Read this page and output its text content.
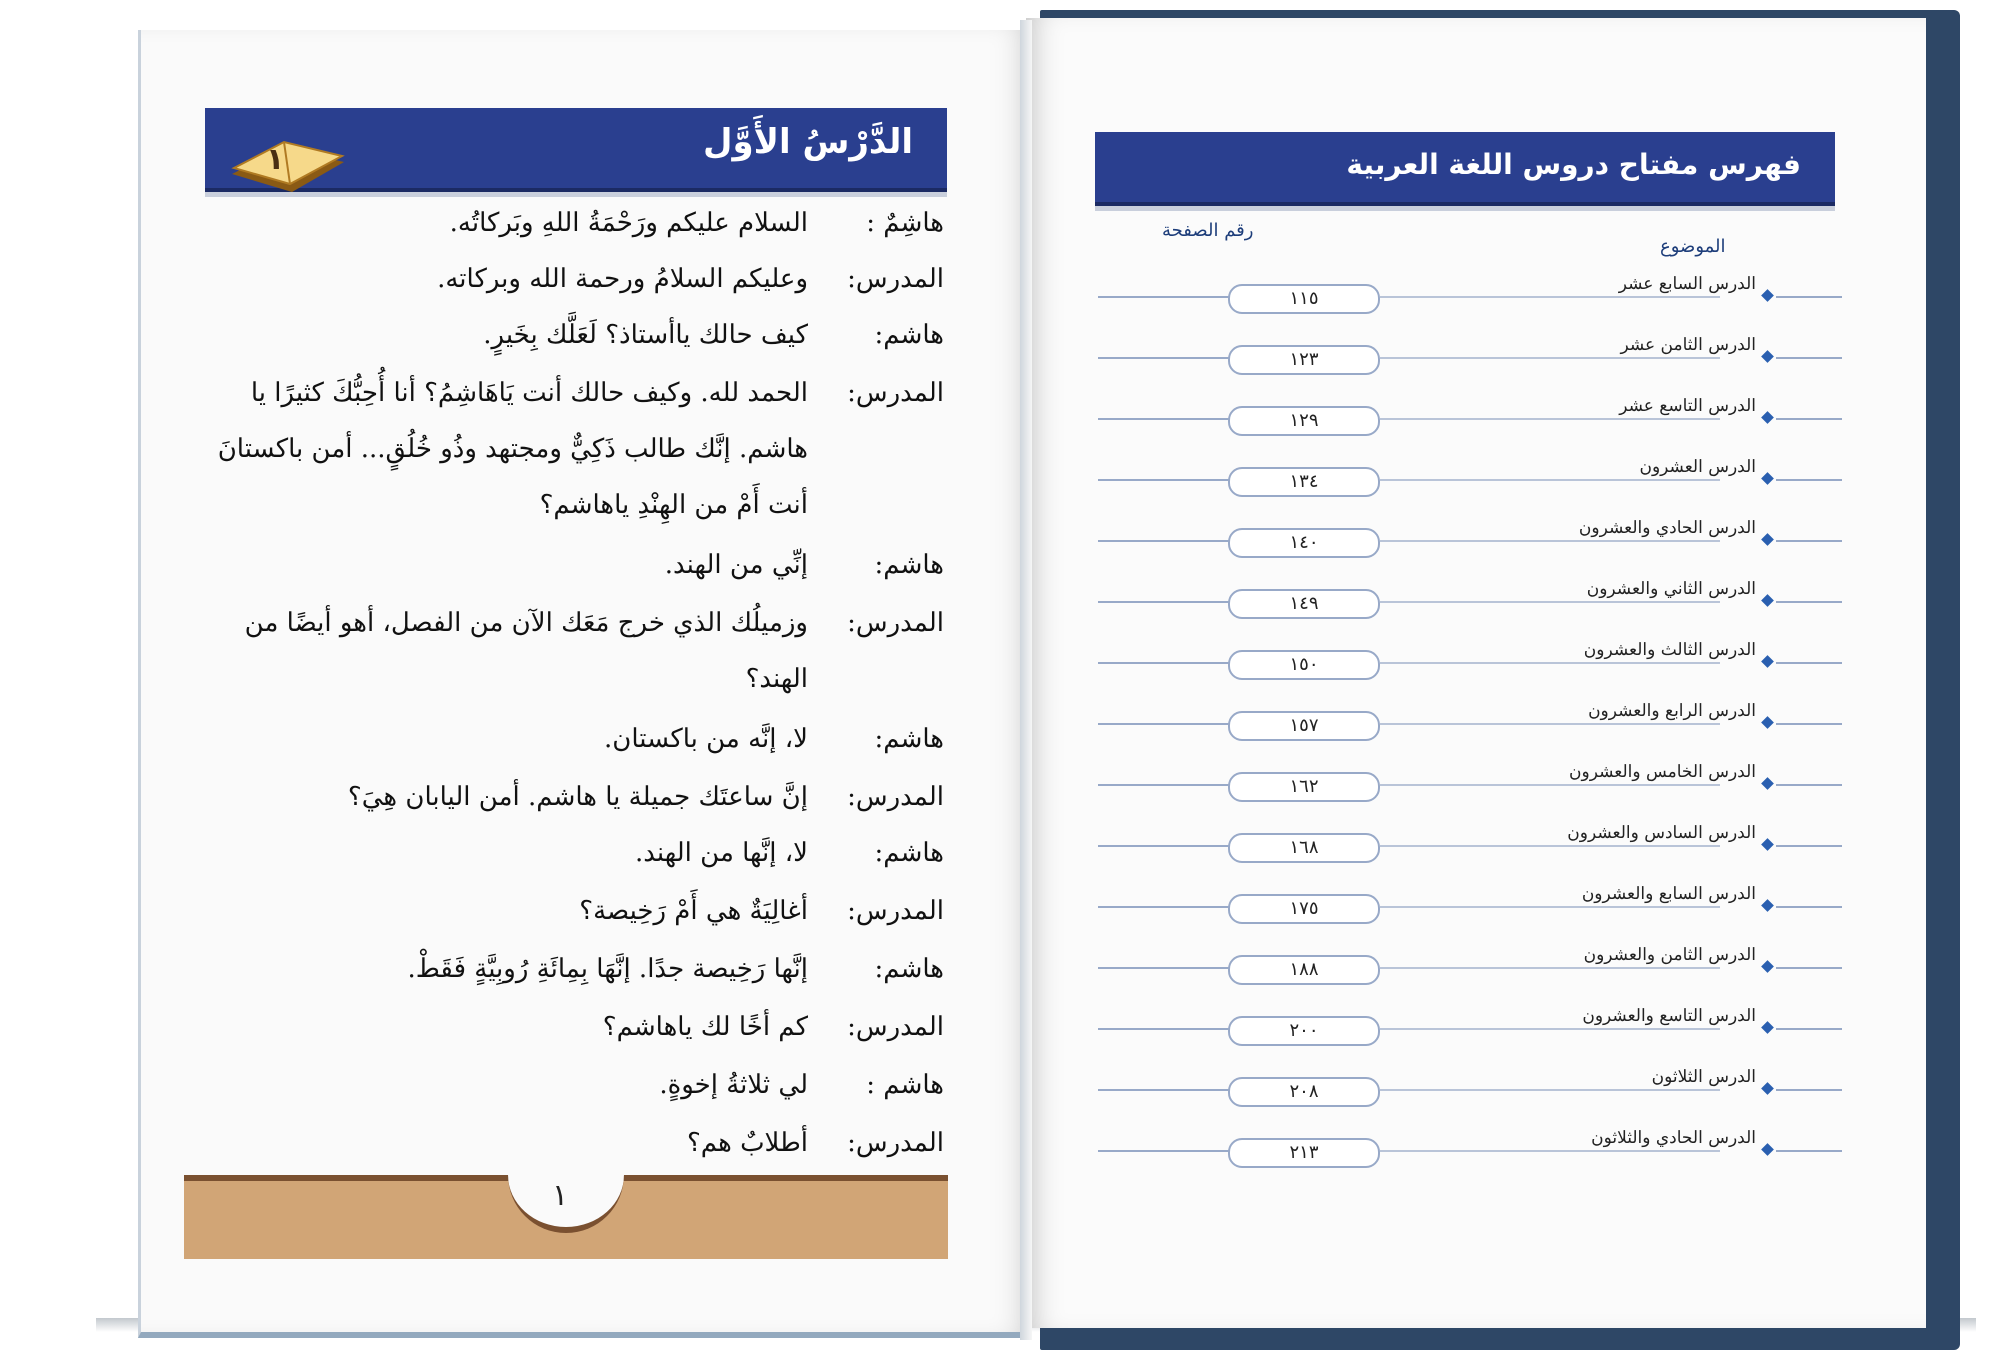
الدَّرْسُ الأَوَّل
١
هاشِمٌ :
السلام عليكم ورَحْمَةُ اللهِ وبَركاتُه.
المدرس:
وعليكم السلامُ ورحمة الله وبركاته.
هاشم:
كيف حالك ياأستاذ؟ لَعَلَّك بِخَيرٍ.
المدرس:
الحمد لله. وكيف حالك أنت يَاهَاشِمُ؟ أنا أُحِبُّكَ كثيرًا يا
هاشم. إنَّك طالب ذَكِيٌّ ومجتهد وذُو خُلُقٍ... أمن باكستانَ
أنت أَمْ من الهِنْدِ ياهاشم؟
هاشم:
إنِّي من الهند.
المدرس:
وزميلُك الذي خرج مَعَك الآن من الفصل، أهو أيضًا من
الهند؟
هاشم:
لا، إنَّه من باكستان.
المدرس:
إنَّ ساعتَك جميلة يا هاشم. أمن اليابان هِيَ؟
هاشم:
لا، إنَّها من الهند.
المدرس:
أغالِيَةٌ هي أَمْ رَخِيصة؟
هاشم:
إنَّها رَخِيصة جدًا. إنَّهَا بِمِائَةِ رُوبِيَّةٍ فَقَطْ.
المدرس:
كم أخًا لك ياهاشم؟
هاشم :
لي ثلاثةُ إخوةٍ.
المدرس:
أطلابٌ هم؟
١
فهرس مفتاح دروس اللغة العربية
رقم الصفحة
الموضوع
١١٥
الدرس السابع عشر
١٢٣
الدرس الثامن عشر
١٢٩
الدرس التاسع عشر
١٣٤
الدرس العشرون
١٤٠
الدرس الحادي والعشرون
١٤٩
الدرس الثاني والعشرون
١٥٠
الدرس الثالث والعشرون
١٥٧
الدرس الرابع والعشرون
١٦٢
الدرس الخامس والعشرون
١٦٨
الدرس السادس والعشرون
١٧٥
الدرس السابع والعشرون
١٨٨
الدرس الثامن والعشرون
٢٠٠
الدرس التاسع والعشرون
٢٠٨
الدرس الثلاثون
٢١٣
الدرس الحادي والثلاثون
